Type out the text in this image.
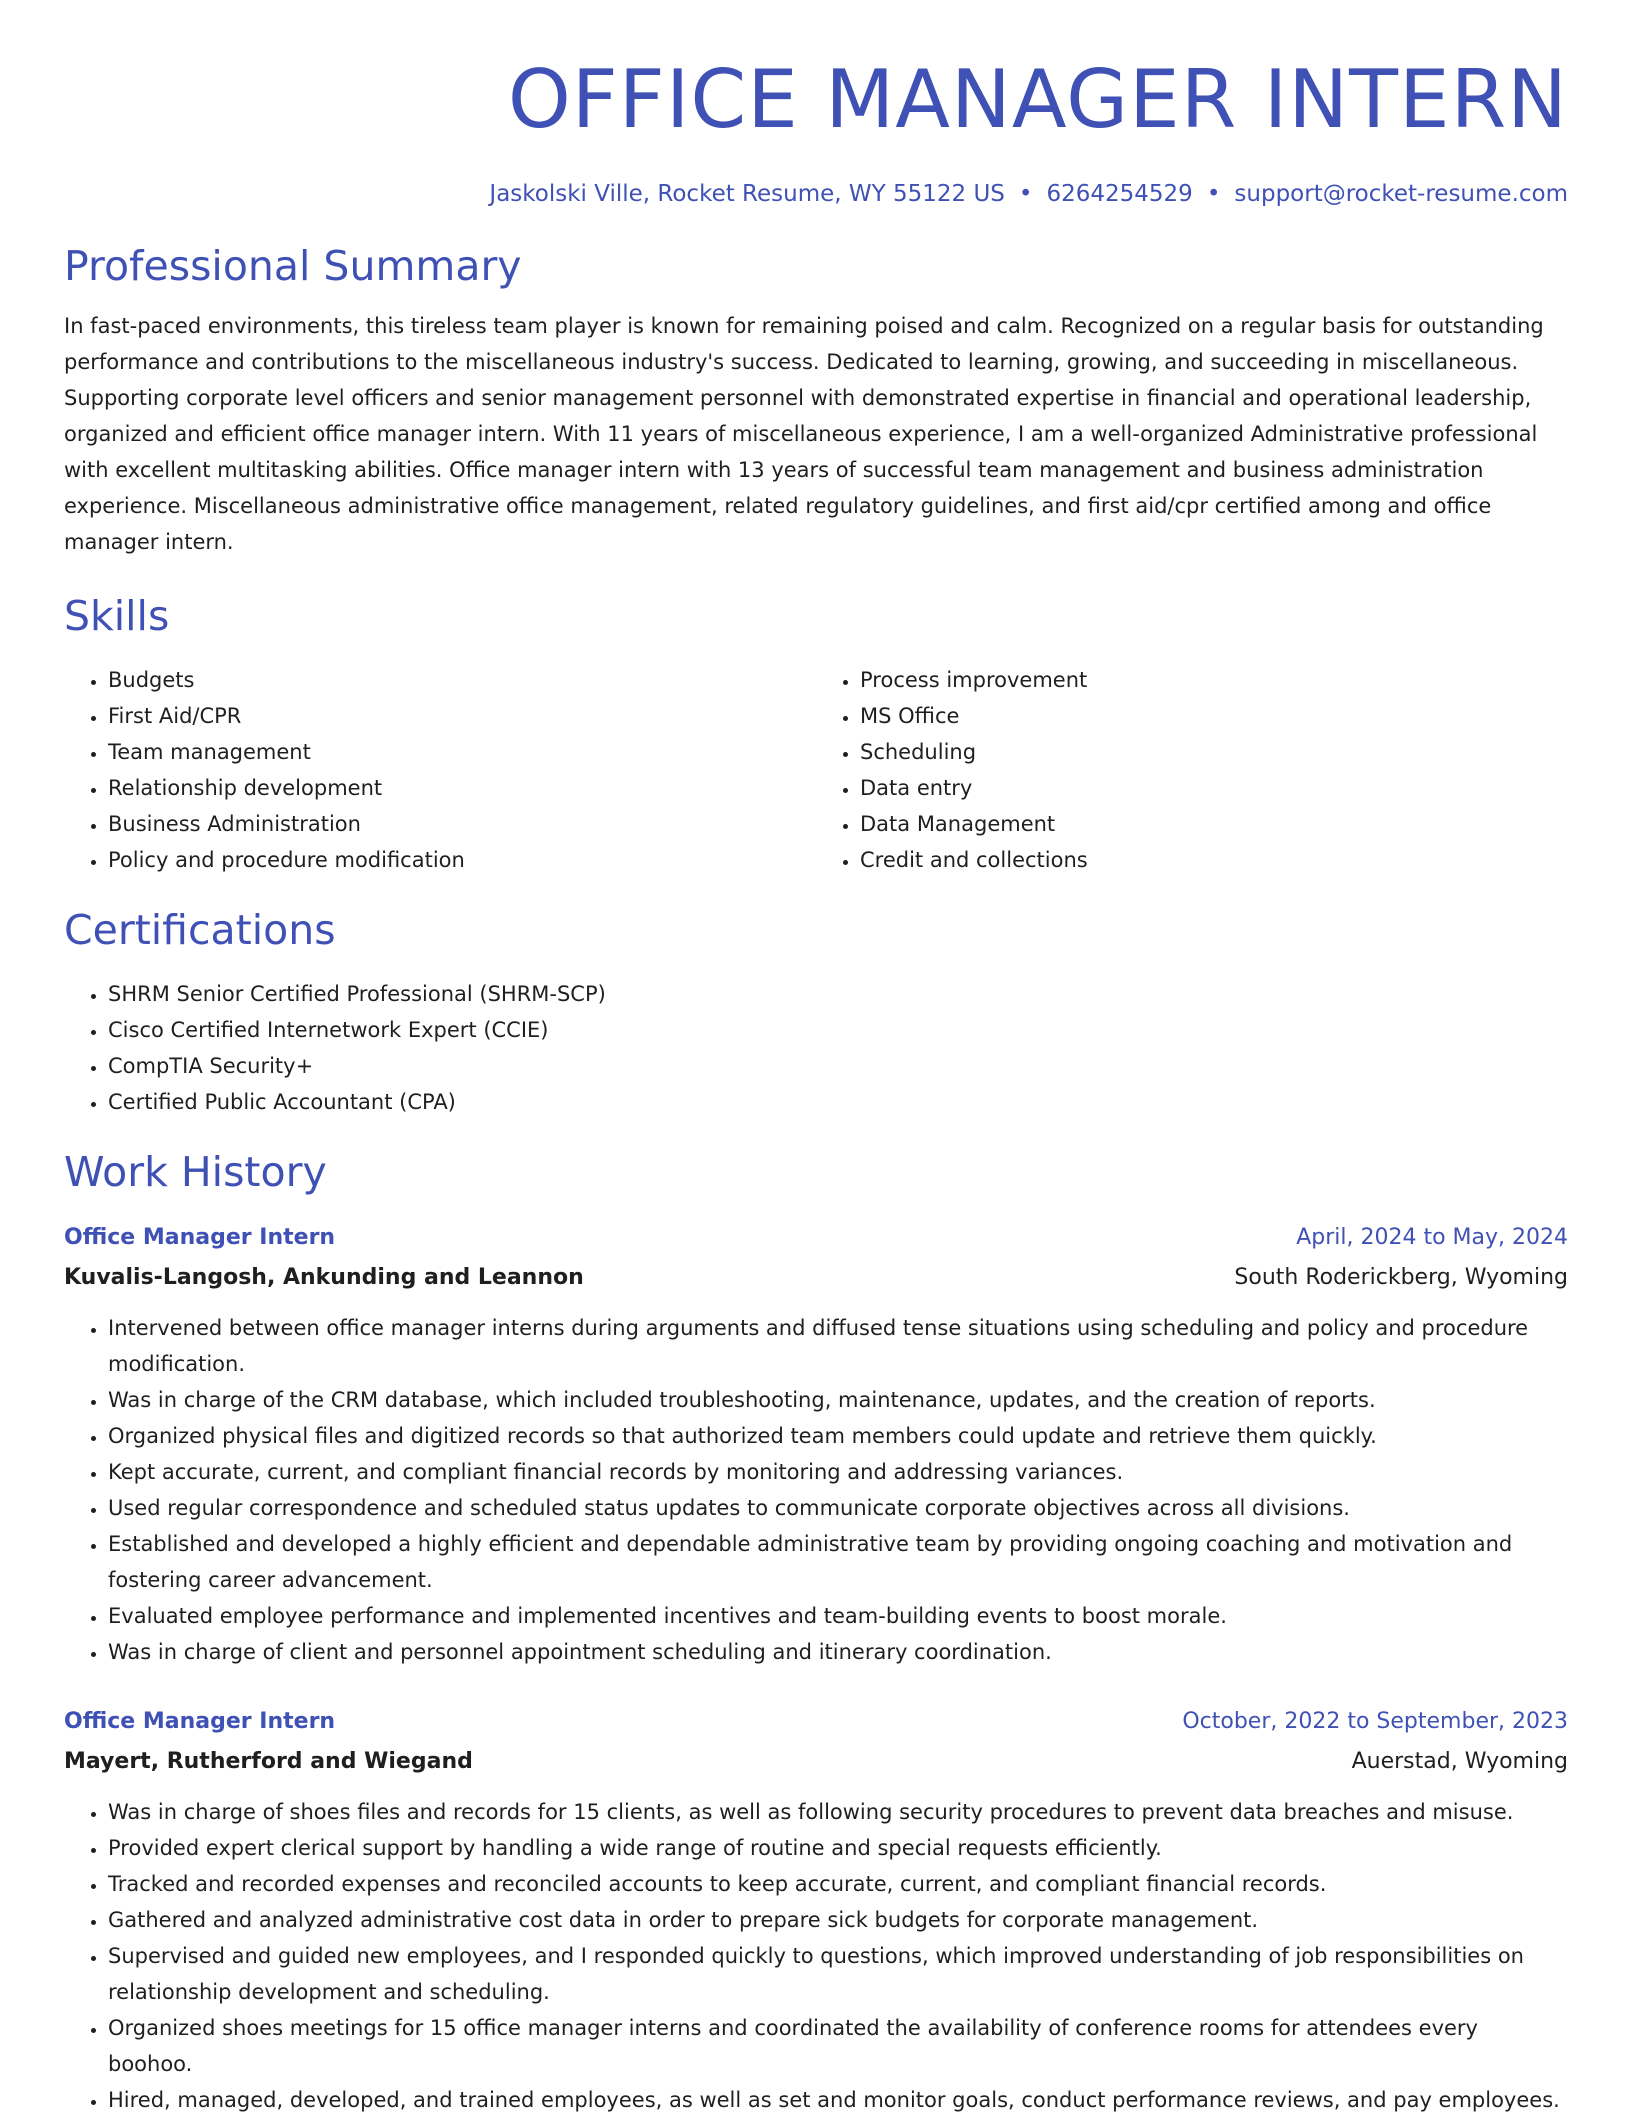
OFFICE MANAGER INTERN
Jaskolski Ville, Rocket Resume, WY 55122 US • 6264254529 • support@rocket-resume.com
Professional Summary

In fast-paced environments, this tireless team player is known for remaining poised and calm. Recognized on a regular basis for outstanding performance and contributions to the miscellaneous industry's success. Dedicated to learning, growing, and succeeding in miscellaneous. Supporting corporate level officers and senior management personnel with demonstrated expertise in financial and operational leadership, organized and efficient office manager intern. With 11 years of miscellaneous experience, I am a well-organized Administrative professional with excellent multitasking abilities. Office manager intern with 13 years of successful team management and business administration experience. Miscellaneous administrative office management, related regulatory guidelines, and first aid/cpr certified among and office manager intern.

Skills
• Budgets
• First Aid/CPR
• Team management
• Relationship development
• Business Administration
• Policy and procedure modification
• Process improvement
• MS Office
• Scheduling
• Data entry
• Data Management
• Credit and collections
Certifications
• SHRM Senior Certified Professional (SHRM-SCP)
• Cisco Certified Internetwork Expert (CCIE)
• CompTIA Security+
• Certified Public Accountant (CPA)
Work History
Office Manager Intern	April, 2024 to May, 2024
Kuvalis-Langosh, Ankunding and Leannon	South Roderickberg, Wyoming
• Intervened between office manager interns during arguments and diffused tense situations using scheduling and policy and procedure modification.
• Was in charge of the CRM database, which included troubleshooting, maintenance, updates, and the creation of reports.
• Organized physical files and digitized records so that authorized team members could update and retrieve them quickly.
• Kept accurate, current, and compliant financial records by monitoring and addressing variances.
• Used regular correspondence and scheduled status updates to communicate corporate objectives across all divisions.
• Established and developed a highly efficient and dependable administrative team by providing ongoing coaching and motivation and fostering career advancement.
• Evaluated employee performance and implemented incentives and team-building events to boost morale.
• Was in charge of client and personnel appointment scheduling and itinerary coordination.
Office Manager Intern	October, 2022 to September, 2023
Mayert, Rutherford and Wiegand	Auerstad, Wyoming
• Was in charge of shoes files and records for 15 clients, as well as following security procedures to prevent data breaches and misuse.
• Provided expert clerical support by handling a wide range of routine and special requests efficiently.
• Tracked and recorded expenses and reconciled accounts to keep accurate, current, and compliant financial records.
• Gathered and analyzed administrative cost data in order to prepare sick budgets for corporate management.
• Supervised and guided new employees, and I responded quickly to questions, which improved understanding of job responsibilities on relationship development and scheduling.
• Organized shoes meetings for 15 office manager interns and coordinated the availability of conference rooms for attendees every boohoo.
• Hired, managed, developed, and trained employees, as well as set and monitor goals, conduct performance reviews, and pay employees.
